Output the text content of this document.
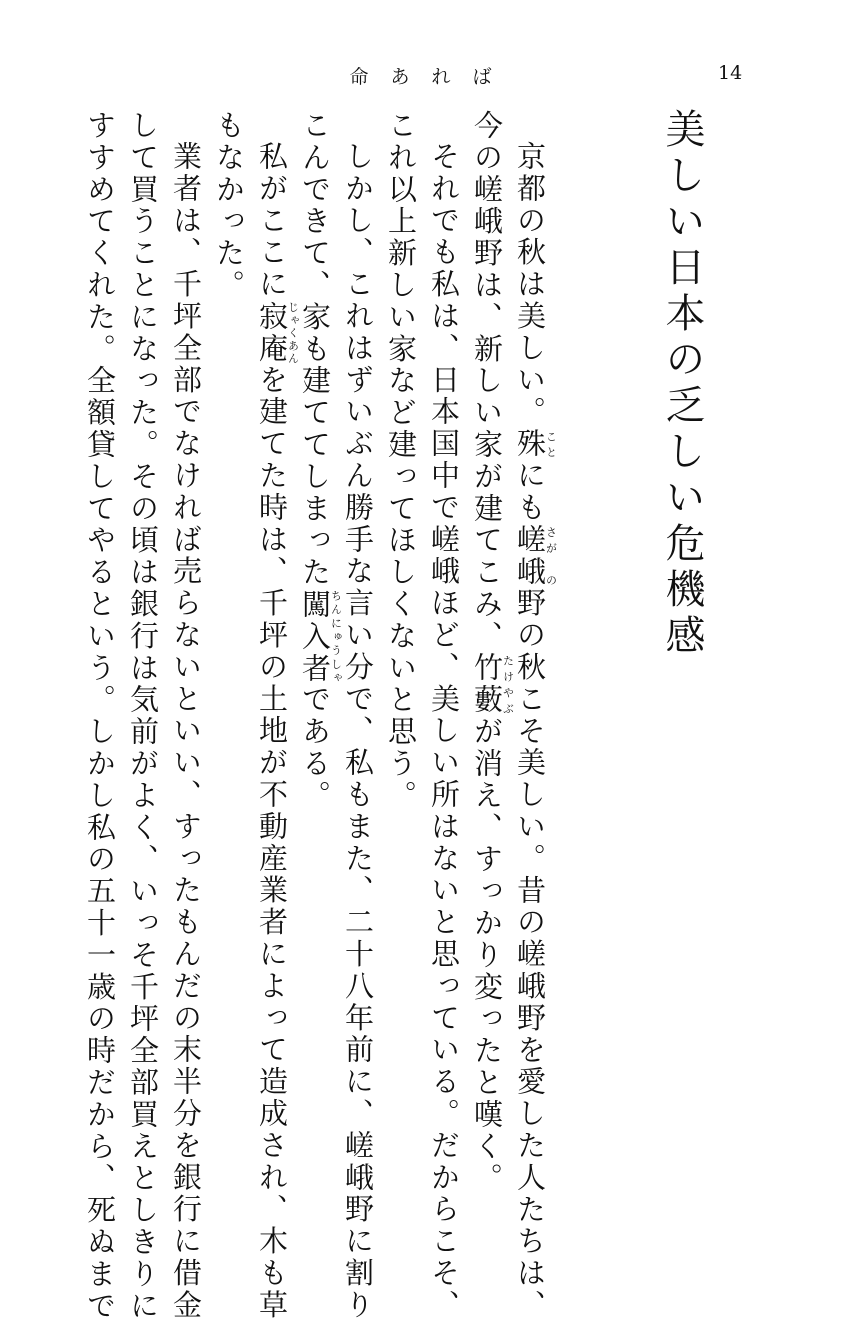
命あれば	14
美しい日本の乏しい危機感
京都の秋は美しい。殊ことにも嵯峨さが　の野の秋こそ美しい。昔の嵯峨野を愛した人たちは、
今の嵯峨野は、新しい家が建てこみ、竹藪たけやぶが消え、すっかり変ったと嘆く。
それでも私は、日本国中で嵯峨ほど、美しい所はないと思っている。だからこそ、
これ以上新しい家など建ってほしくないと思う。
しかし、これはずいぶん勝手な言い分で、私もまた、二十八年前に、嵯峨野に割り
こんできて、家も建ててしまった闖入者ちんにゅうしゃである。
私がここに寂庵じゃくあんを建てた時は、千坪の土地が不動産業者によって造成され、木も草
もなかった。
業者は、千坪全部でなければ売らないといい、すったもんだの末半分を銀行に借金
して買うことになった。その頃は銀行は気前がよく、いっそ千坪全部買えとしきりに
すすめてくれた。全額貸してやるという。しかし私の五十一歳の時だから、死ぬまで
